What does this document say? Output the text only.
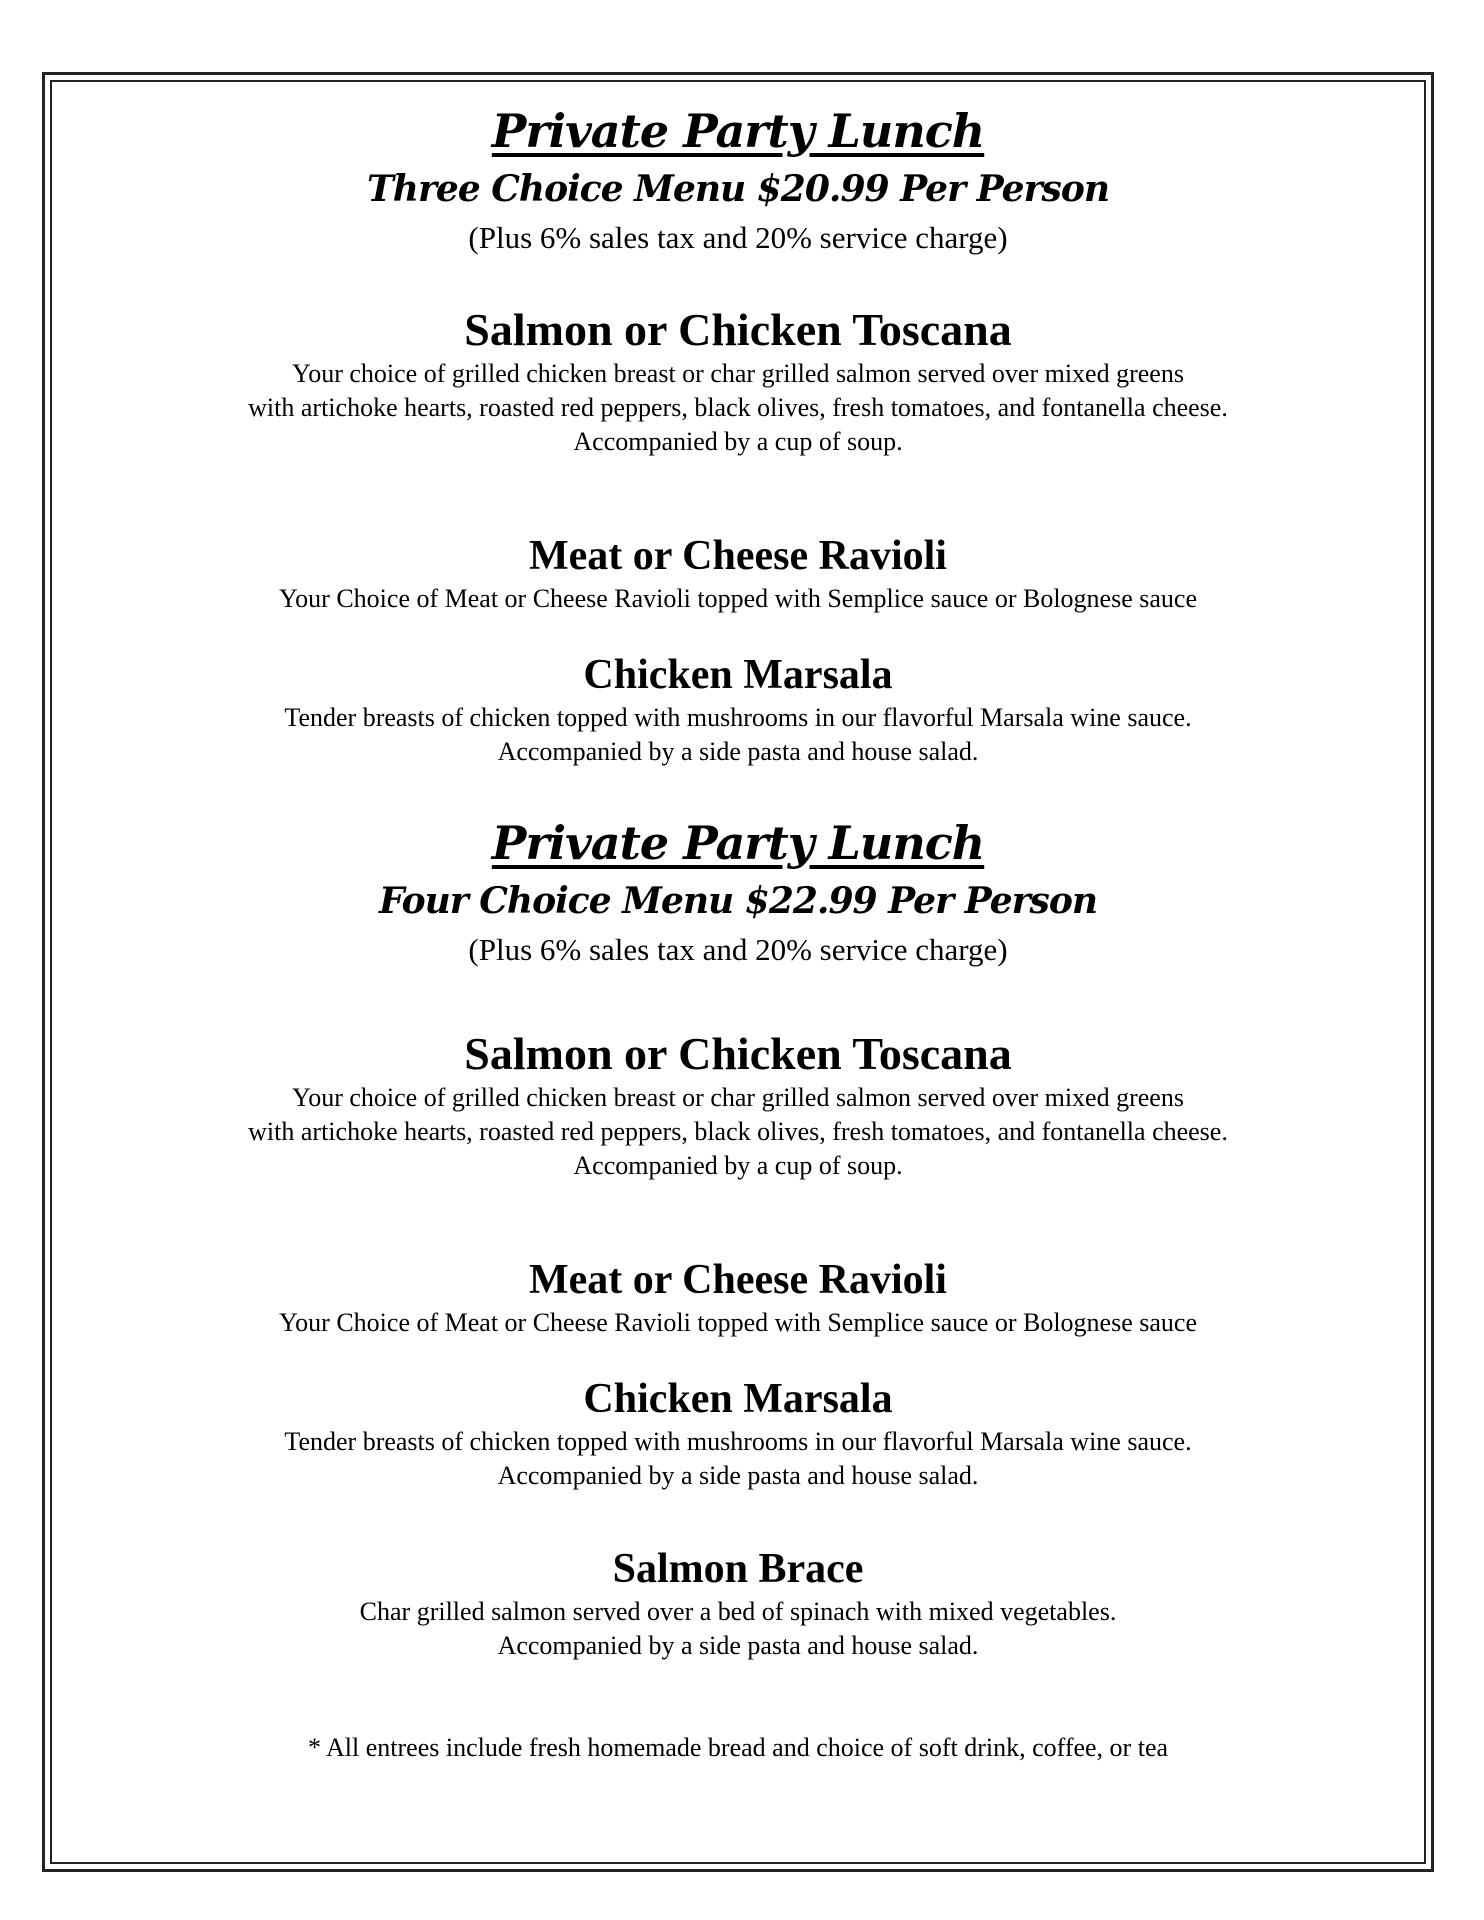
Private Party Lunch
Three Choice Menu $20.99 Per Person
(Plus 6% sales tax and 20% service charge)
Salmon or Chicken Toscana
Your choice of grilled chicken breast or char grilled salmon served over mixed greens
with artichoke hearts, roasted red peppers, black olives, fresh tomatoes, and fontanella cheese.
Accompanied by a cup of soup.
Meat or Cheese Ravioli
Your Choice of Meat or Cheese Ravioli topped with Semplice sauce or Bolognese sauce
Chicken Marsala
Tender breasts of chicken topped with mushrooms in our flavorful Marsala wine sauce.
Accompanied by a side pasta and house salad.
Private Party Lunch
Four Choice Menu $22.99 Per Person
(Plus 6% sales tax and 20% service charge)
Salmon or Chicken Toscana
Your choice of grilled chicken breast or char grilled salmon served over mixed greens
with artichoke hearts, roasted red peppers, black olives, fresh tomatoes, and fontanella cheese.
Accompanied by a cup of soup.
Meat or Cheese Ravioli
Your Choice of Meat or Cheese Ravioli topped with Semplice sauce or Bolognese sauce
Chicken Marsala
Tender breasts of chicken topped with mushrooms in our flavorful Marsala wine sauce.
Accompanied by a side pasta and house salad.
Salmon Brace
Char grilled salmon served over a bed of spinach with mixed vegetables.
Accompanied by a side pasta and house salad.
* All entrees include fresh homemade bread and choice of soft drink, coffee, or tea
